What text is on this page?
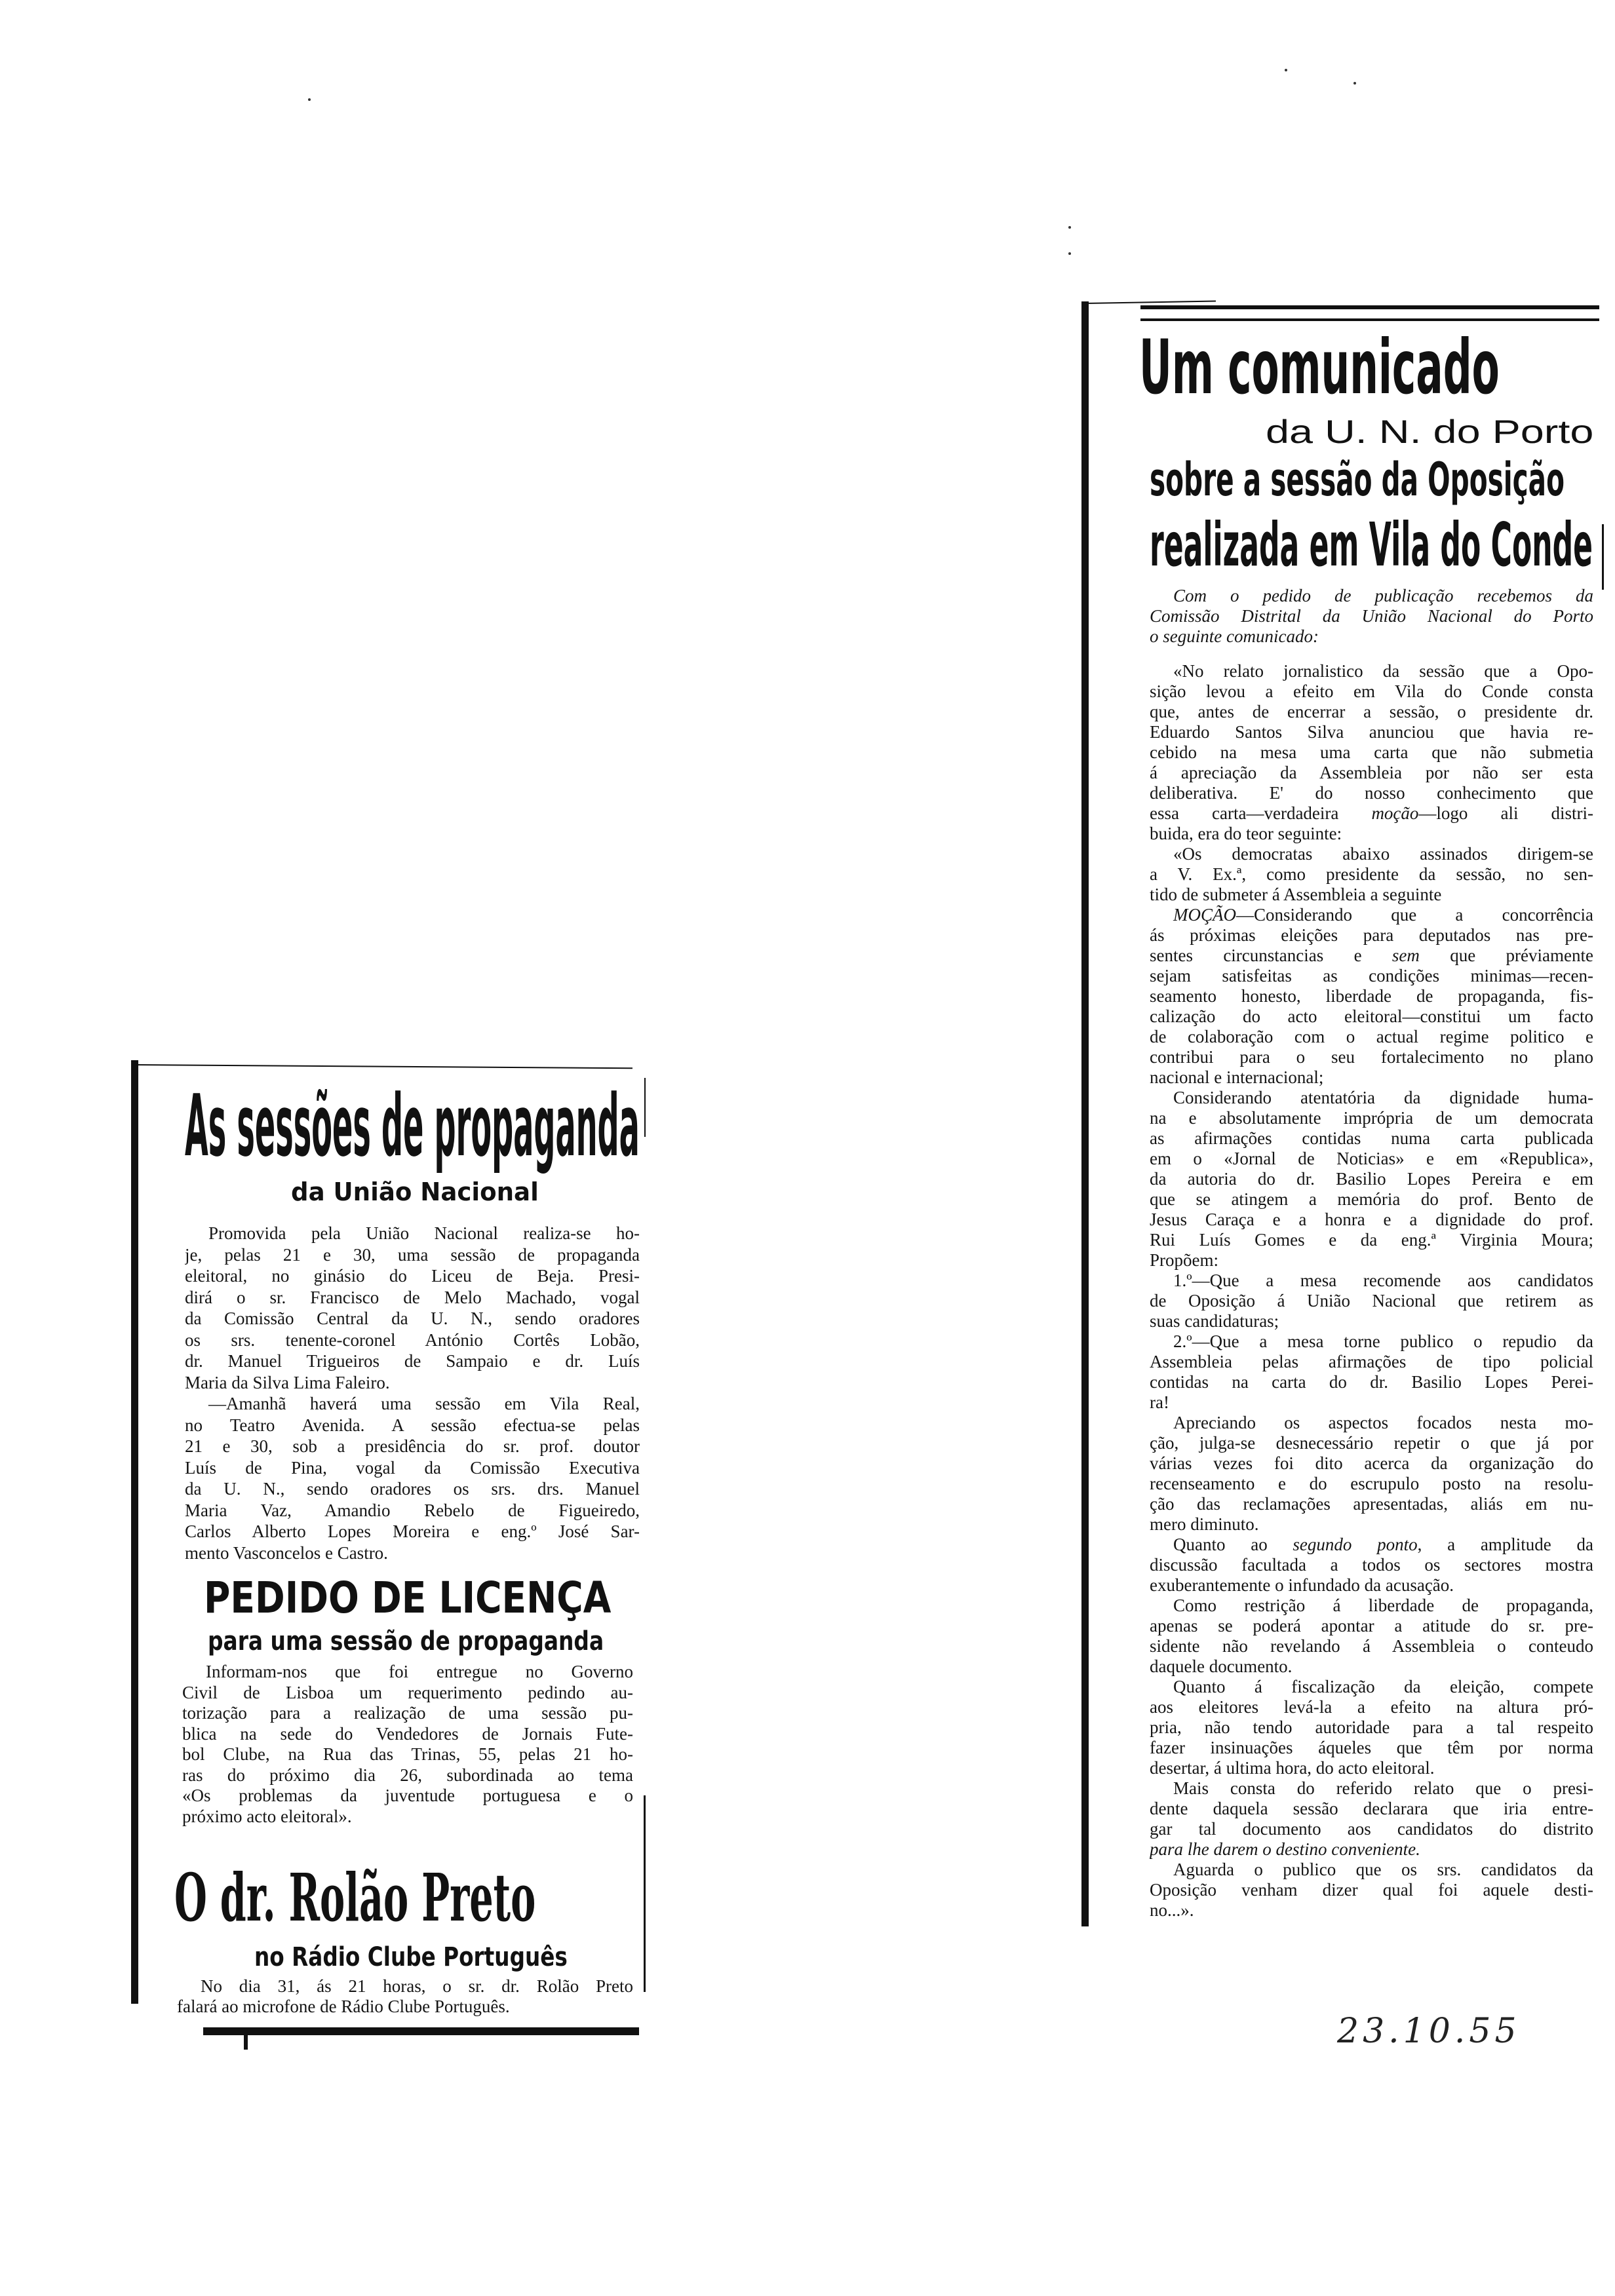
As sessões de propaganda
da União Nacional
Promovida pela União Nacional realiza-se ho-
je, pelas 21 e 30, uma sessão de propaganda
eleitoral, no ginásio do Liceu de Beja. Presi-
dirá o sr. Francisco de Melo Machado, vogal
da Comissão Central da U. N., sendo oradores
os srs. tenente-coronel António Cortês Lobão,
dr. Manuel Trigueiros de Sampaio e dr. Luís
Maria da Silva Lima Faleiro.
—Amanhã haverá uma sessão em Vila Real,
no Teatro Avenida. A sessão efectua-se pelas
21 e 30, sob a presidência do sr. prof. doutor
Luís de Pina, vogal da Comissão Executiva
da U. N., sendo oradores os srs. drs. Manuel
Maria Vaz, Amandio Rebelo de Figueiredo,
Carlos Alberto Lopes Moreira e eng.º José Sar-
mento Vasconcelos e Castro.
PEDIDO DE LICENÇA
para uma sessão de propaganda
Informam-nos que foi entregue no Governo
Civil de Lisboa um requerimento pedindo au-
torização para a realização de uma sessão pu-
blica na sede do Vendedores de Jornais Fute-
bol Clube, na Rua das Trinas, 55, pelas 21 ho-
ras do próximo dia 26, subordinada ao tema
«Os problemas da juventude portuguesa e o
próximo acto eleitoral».
O dr. Rolão Preto
no Rádio Clube Português
No dia 31, ás 21 horas, o sr. dr. Rolão Preto
falará ao microfone de Rádio Clube Português.
Um comunicado
da U. N. do Porto
sobre a sessão da Oposição
realizada em Vila do Conde
Com o pedido de publicação recebemos da
Comissão Distrital da União Nacional do Porto
o seguinte comunicado:
«No relato jornalistico da sessão que a Opo-
sição levou a efeito em Vila do Conde consta
que, antes de encerrar a sessão, o presidente dr.
Eduardo Santos Silva anunciou que havia re-
cebido na mesa uma carta que não submetia
á apreciação da Assembleia por não ser esta
deliberativa. E' do nosso conhecimento que
essa carta—verdadeira moção—logo ali distri-
buida, era do teor seguinte:
«Os democratas abaixo assinados dirigem-se
a V. Ex.ª, como presidente da sessão, no sen-
tido de submeter á Assembleia a seguinte
MOÇÃO—Considerando que a concorrência
ás próximas eleições para deputados nas pre-
sentes circunstancias e sem que préviamente
sejam satisfeitas as condições minimas—recen-
seamento honesto, liberdade de propaganda, fis-
calização do acto eleitoral—constitui um facto
de colaboração com o actual regime politico e
contribui para o seu fortalecimento no plano
nacional e internacional;
Considerando atentatória da dignidade huma-
na e absolutamente imprópria de um democrata
as afirmações contidas numa carta publicada
em o «Jornal de Noticias» e em «Republica»,
da autoria do dr. Basilio Lopes Pereira e em
que se atingem a memória do prof. Bento de
Jesus Caraça e a honra e a dignidade do prof.
Rui Luís Gomes e da eng.ª Virginia Moura;
Propõem:
1.º—Que a mesa recomende aos candidatos
de Oposição á União Nacional que retirem as
suas candidaturas;
2.º—Que a mesa torne publico o repudio da
Assembleia pelas afirmações de tipo policial
contidas na carta do dr. Basilio Lopes Perei-
ra!
Apreciando os aspectos focados nesta mo-
ção, julga-se desnecessário repetir o que já por
várias vezes foi dito acerca da organização do
recenseamento e do escrupulo posto na resolu-
ção das reclamações apresentadas, aliás em nu-
mero diminuto.
Quanto ao segundo ponto, a amplitude da
discussão facultada a todos os sectores mostra
exuberantemente o infundado da acusação.
Como restrição á liberdade de propaganda,
apenas se poderá apontar a atitude do sr. pre-
sidente não revelando á Assembleia o conteudo
daquele documento.
Quanto á fiscalização da eleição, compete
aos eleitores levá-la a efeito na altura pró-
pria, não tendo autoridade para a tal respeito
fazer insinuações áqueles que têm por norma
desertar, á ultima hora, do acto eleitoral.
Mais consta do referido relato que o presi-
dente daquela sessão declarara que iria entre-
gar tal documento aos candidatos do distrito
para lhe darem o destino conveniente.
Aguarda o publico que os srs. candidatos da
Oposição venham dizer qual foi aquele desti-
no...».
23.10.55
